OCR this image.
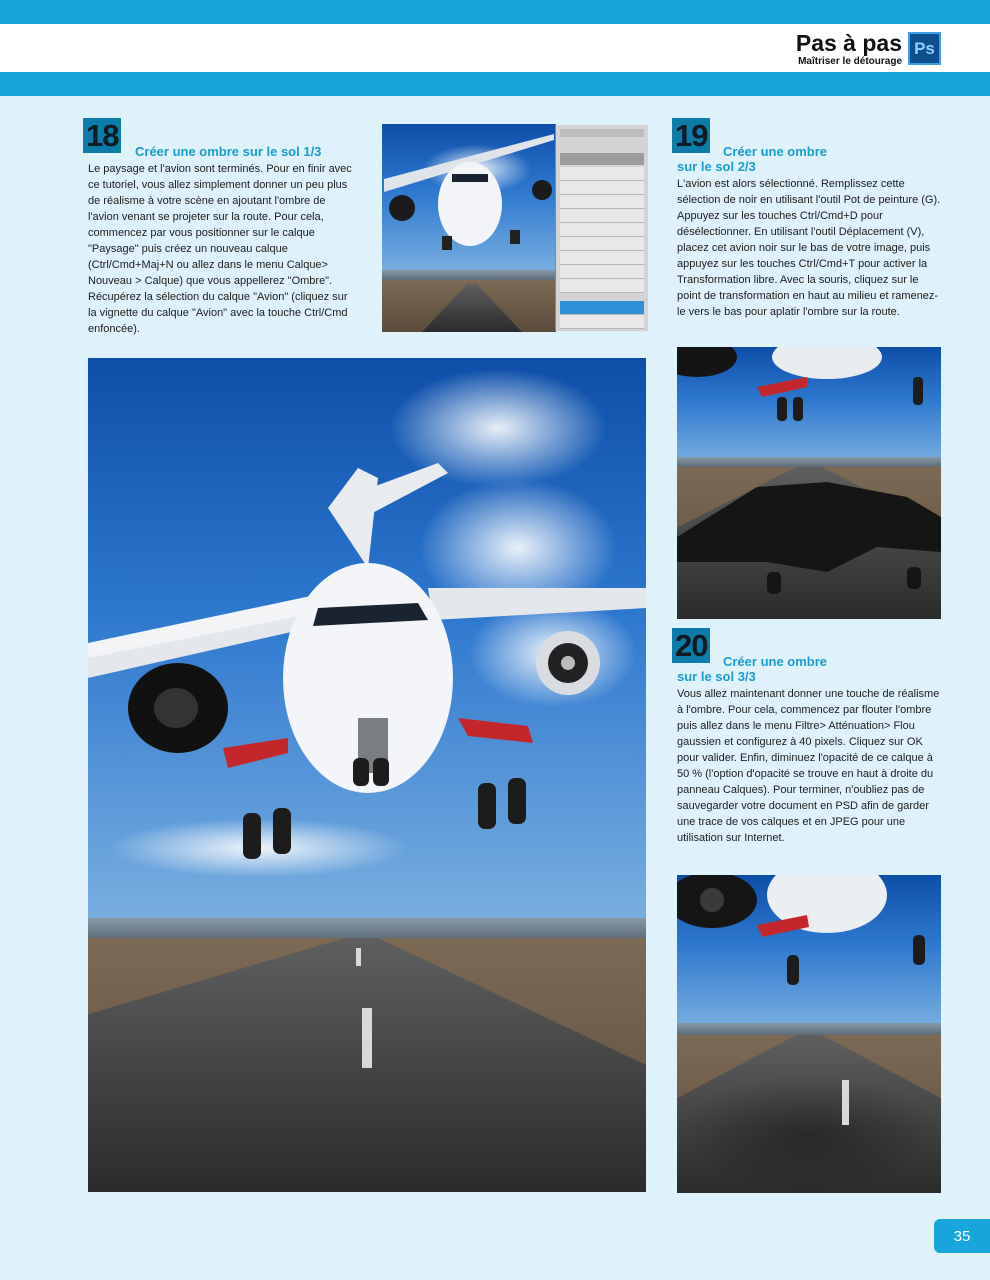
Pas à pas
Maîtriser le détourage
Ps
18 Créer une ombre sur le sol 1/3
Le paysage et l'avion sont terminés. Pour en finir avec ce tutoriel, vous allez simplement donner un peu plus de réalisme à votre scène en ajoutant l'ombre de l'avion venant se projeter sur la route. Pour cela, commencez par vous positionner sur le calque "Paysage" puis créez un nouveau calque (Ctrl/Cmd+Maj+N ou allez dans le menu Calque> Nouveau > Calque) que vous appellerez "Ombre". Récupérez la sélection du calque "Avion" (cliquez sur la vignette du calque "Avion" avec la touche Ctrl/Cmd enfoncée).
19 Créer une ombre
sur le sol 2/3
L'avion est alors sélectionné. Remplissez cette sélection de noir en utilisant l'outil Pot de peinture (G). Appuyez sur les touches Ctrl/Cmd+D pour désélectionner. En utilisant l'outil Déplacement (V), placez cet avion noir sur le bas de votre image, puis appuyez sur les touches Ctrl/Cmd+T pour activer la Transformation libre. Avec la souris, cliquez sur le point de transformation en haut au milieu et ramenez-le vers le bas pour aplatir l'ombre sur la route.
20 Créer une ombre
sur le sol 3/3
Vous allez maintenant donner une touche de réalisme à l'ombre. Pour cela, commencez par flouter l'ombre puis allez dans le menu Filtre> Atténuation> Flou gaussien et configurez à 40 pixels. Cliquez sur OK pour valider. Enfin, diminuez l'opacité de ce calque à 50 % (l'option d'opacité se trouve en haut à droite du panneau Calques). Pour terminer, n'oubliez pas de sauvegarder votre document en PSD afin de garder une trace de vos calques et en JPEG pour une utilisation sur Internet.
35
